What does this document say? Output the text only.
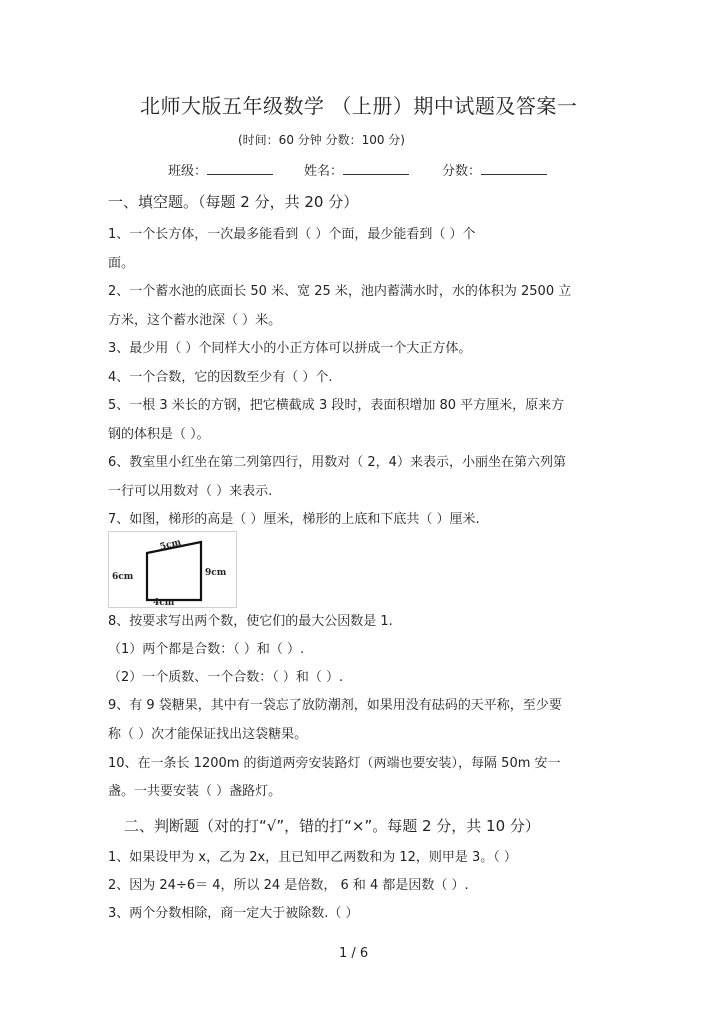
北师大版五年级数学 （上册）期中试题及答案一
(时间：60 分钟 分数：100 分)
班级：	姓名：	分数：
一、填空题。（每题 2 分，共 20 分）
1、一个长方体，一次最多能看到（ ）个面，最少能看到（ ）个
面。
2、一个蓄水池的底面长 50 米、宽 25 米，池内蓄满水时，水的体积为 2500 立
方米，这个蓄水池深（ ）米。
3、最少用（ ）个同样大小的小正方体可以拼成一个大正方体。
4、一个合数，它的因数至少有（ ）个.
5、一根 3 米长的方钢，把它横截成 3 段时，表面积增加 80 平方厘米，原来方
钢的体积是（ ）。
6、教室里小红坐在第二列第四行，用数对（ 2，4）来表示，小丽坐在第六列第
一行可以用数对（ ）来表示.
7、如图，梯形的高是（ ）厘米，梯形的上底和下底共（ ）厘米.
5cm
6cm	9cm
4cm
8、按要求写出两个数，使它们的最大公因数是 1.
（1）两个都是合数：（ ）和（ ）.
（2）一个质数、一个合数：（ ）和（ ）.
9、有 9 袋糖果，其中有一袋忘了放防潮剂，如果用没有砝码的天平称，至少要
称（ ）次才能保证找出这袋糖果。
10、在一条长 1200m 的街道两旁安装路灯（两端也要安装），每隔 50m 安一
盏。一共要安装（ ）盏路灯。
二、判断题（对的打“√”，错的打“×”。每题 2 分，共 10 分）
1、如果设甲为 x，乙为 2x，且已知甲乙两数和为 12，则甲是 3。（ ）
2、因为 24÷6＝ 4，所以 24 是倍数， 6 和 4 都是因数（ ）.
3、两个分数相除，商一定大于被除数.（ ）
1 / 6
